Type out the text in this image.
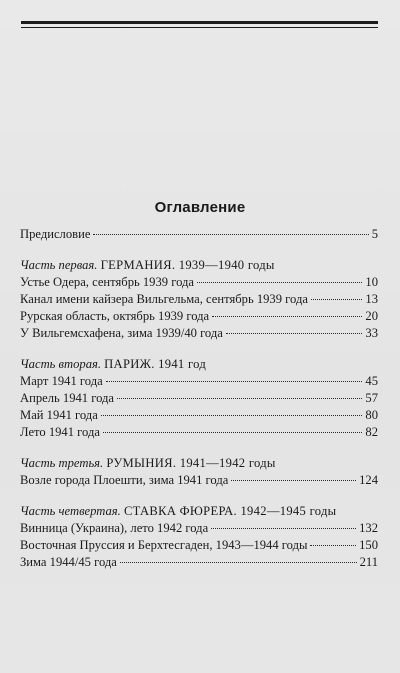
Оглавление
Предисловие	5
Часть первая. ГЕРМАНИЯ. 1939—1940 годы
Устье Одера, сентябрь 1939 года	10
Канал имени кайзера Вильгельма, сентябрь 1939 года	13
Рурская область, октябрь 1939 года	20
У Вильгемсхафена, зима 1939/40 года	33
Часть вторая. ПАРИЖ. 1941 год
Март 1941 года	45
Апрель 1941 года	57
Май 1941 года	80
Лето 1941 года	82
Часть третья. РУМЫНИЯ. 1941—1942 годы
Возле города Плоешти, зима 1941 года	124
Часть четвертая. СТАВКА ФЮРЕРА. 1942—1945 годы
Винница (Украина), лето 1942 года	132
Восточная Пруссия и Берхтесгаден, 1943—1944 годы	150
Зима 1944/45 года	211
